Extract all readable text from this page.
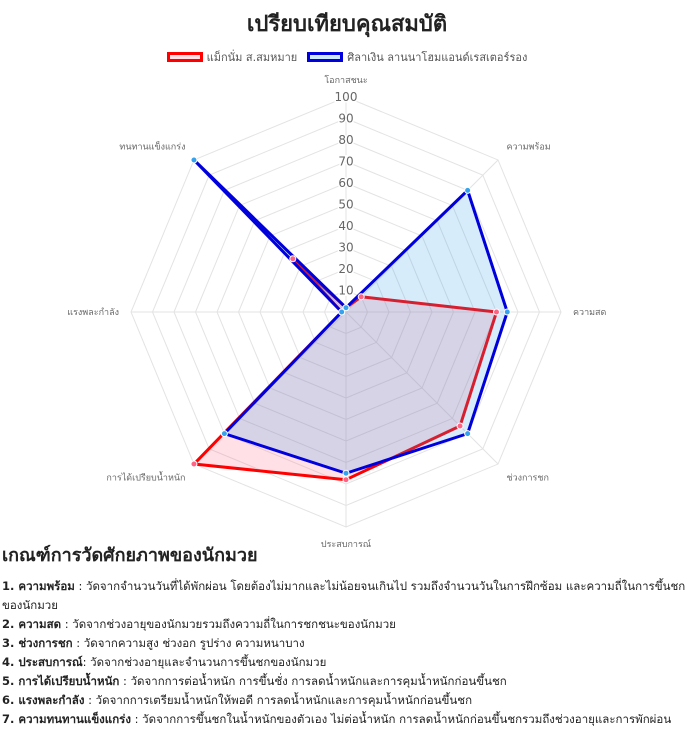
เปรียบเทียบคุณสมบัติ
แม็กนั่ม ส.สมหมาย	ศิลาเงิน ลานนาโฮมแอนด์เรสเตอร์รอง
10
20
30
40
50
60
70
80
90
100
โอกาสชนะ
ความพร้อม
ความสด
ช่วงการชก
ประสบการณ์
การได้เปรียบน้ำหนัก
แรงพละกำลัง
ทนทานแข็งแกร่ง
เกณฑ์การวัดศักยภาพของนักมวย
1. ความพร้อม : วัดจากจำนวนวันที่ได้พักผ่อน โดยต้องไม่มากและไม่น้อยจนเกินไป รวมถึงจำนวนวันในการฝึกซ้อม และความถี่ในการขึ้นชกของนักมวย
2. ความสด : วัดจากช่วงอายุของนักมวยรวมถึงความถี่ในการชกชนะของนักมวย
3. ช่วงการชก : วัดจากความสูง ช่วงอก รูปร่าง ความหนาบาง
4. ประสบการณ์: วัดจากช่วงอายุและจำนวนการขึ้นชกของนักมวย
5. การได้เปรียบน้ำหนัก : วัดจากการต่อน้ำหนัก การขึ้นชั่ง การลดน้ำหนักและการคุมน้ำหนักก่อนขึ้นชก
6. แรงพละกำลัง : วัดจากการเตรียมน้ำหนักให้พอดี การลดน้ำหนักและการคุมน้ำหนักก่อนขึ้นชก
7. ความทนทานแข็งแกร่ง : วัดจากการขึ้นชกในน้ำหนักของตัวเอง ไม่ต่อน้ำหนัก การลดน้ำหนักก่อนขึ้นชกรวมถึงช่วงอายุและการพักผ่อน
